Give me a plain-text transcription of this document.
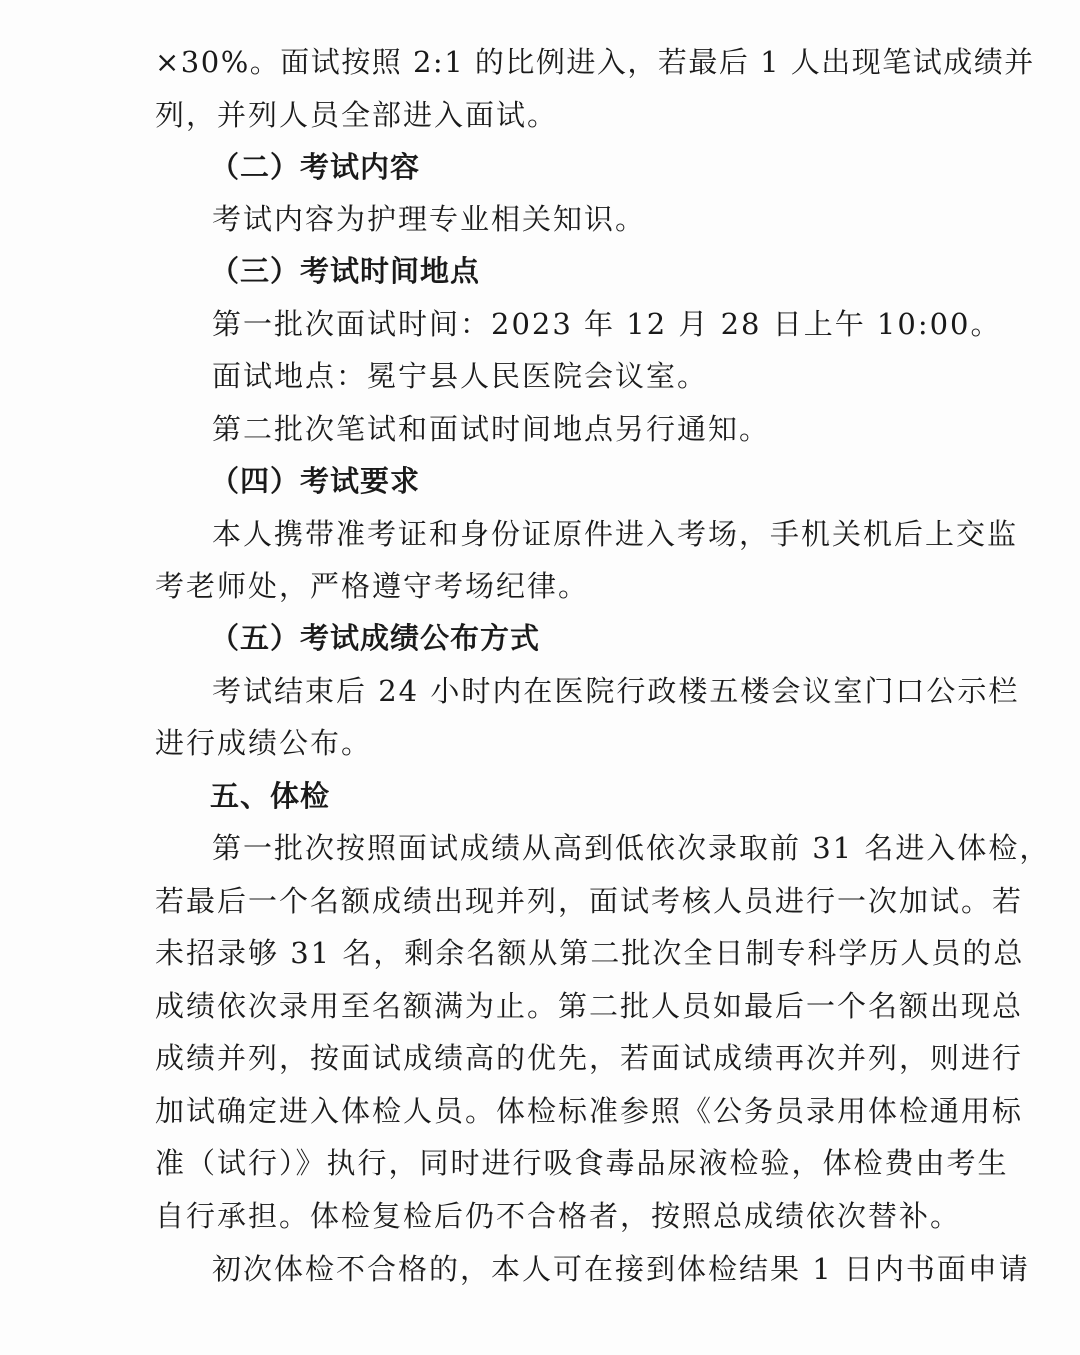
×30%。面试按照 2:1 的比例进入，若最后 1 人出现笔试成绩并
列，并列人员全部进入面试。
（二）考试内容
考试内容为护理专业相关知识。
（三）考试时间地点
第一批次面试时间：2023 年 12 月 28 日上午 10:00。
面试地点：冕宁县人民医院会议室。
第二批次笔试和面试时间地点另行通知。
（四）考试要求
本人携带准考证和身份证原件进入考场，手机关机后上交监
考老师处，严格遵守考场纪律。
（五）考试成绩公布方式
考试结束后 24 小时内在医院行政楼五楼会议室门口公示栏
进行成绩公布。
五、体检
第一批次按照面试成绩从高到低依次录取前 31 名进入体检，
若最后一个名额成绩出现并列，面试考核人员进行一次加试。若
未招录够 31 名，剩余名额从第二批次全日制专科学历人员的总
成绩依次录用至名额满为止。第二批人员如最后一个名额出现总
成绩并列，按面试成绩高的优先，若面试成绩再次并列，则进行
加试确定进入体检人员。体检标准参照《公务员录用体检通用标
准（试行）》执行，同时进行吸食毒品尿液检验，体检费由考生
自行承担。体检复检后仍不合格者，按照总成绩依次替补。
初次体检不合格的，本人可在接到体检结果 1 日内书面申请
